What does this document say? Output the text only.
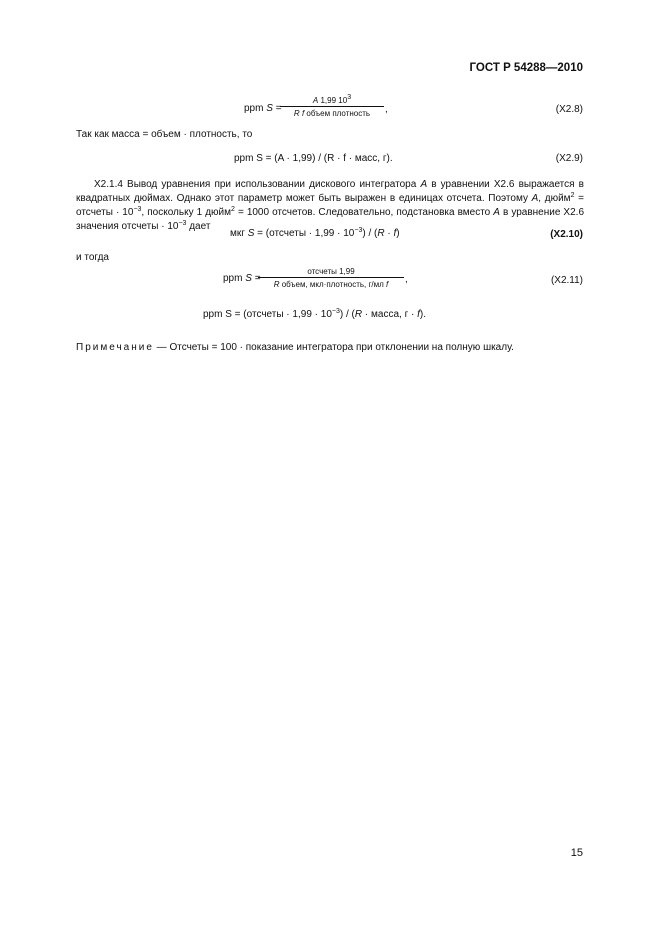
ГОСТ Р 54288—2010
ppm S =
A 1,99 $10^3$
R f объем плотность	,	(X2.8)
Так как масса = объем · плотность, то
ppm S = (A · 1,99) / (R · f · масс, г).	(X2.9)
X2.1.4 Вывод уравнения при использовании дискового интегратора A в уравнении X2.6 выражается в квадратных дюймах. Однако этот параметр может быть выражен в единицах отсчета. Поэтому A, дюйм$^2$ = отсчеты · $10^{-3}$, поскольку 1 дюйм$^2$ = 1000 отсчетов. Следовательно, подстановка вместо A в уравнение X2.6 значения отсчеты · $10^{-3}$ дает
мкг S = (отсчеты · $1,99 \cdot 10^{-3}) / (R \cdot f)$	(X2.10)
и тогда
ppm S =
отсчеты 1,99
R объем, мкл·плотность, г/мл f	,	(X2.11)
ppm S = (отсчеты · $1,99 \cdot 10^{-3}) / (R$ · масса, г · f).
Примечание — Отсчеты = 100 · показание интегратора при отклонении на полную шкалу.
15
